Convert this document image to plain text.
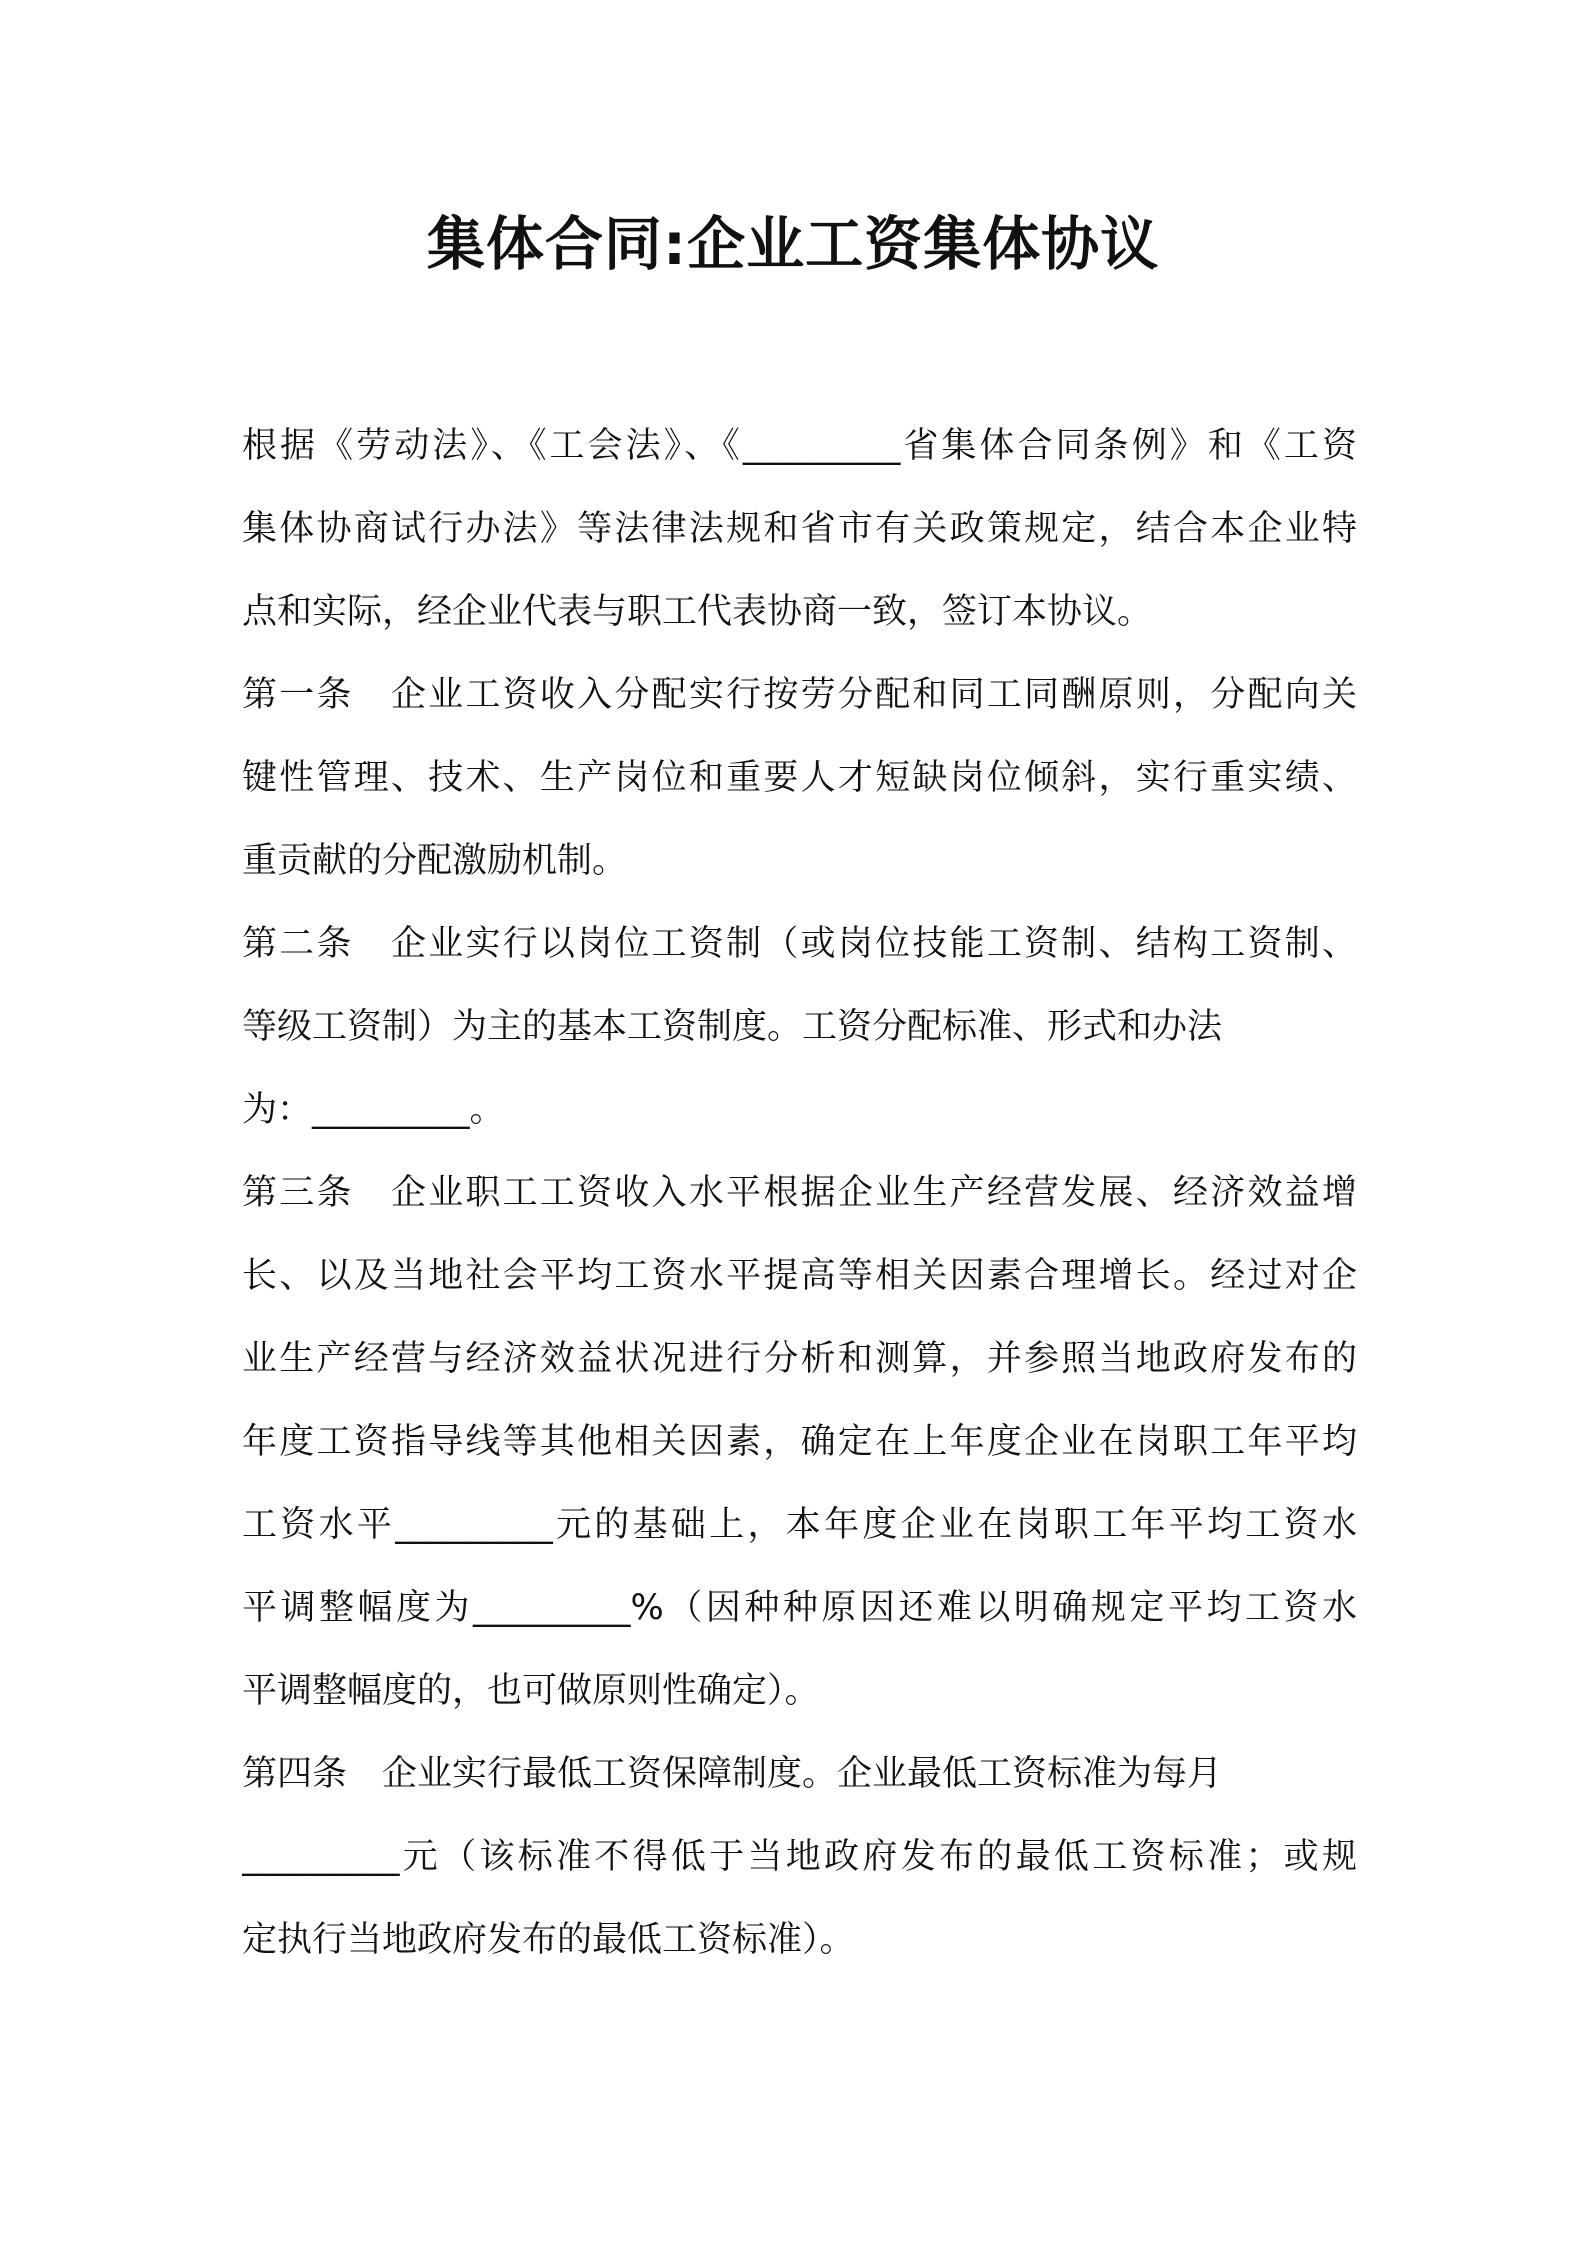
集体合同:企业工资集体协议
根据《劳动法》、《工会法》、《_________省集体合同条例》和《工资
集体协商试行办法》等法律法规和省市有关政策规定，结合本企业特
点和实际，经企业代表与职工代表协商一致，签订本协议。
第一条　企业工资收入分配实行按劳分配和同工同酬原则，分配向关
键性管理、技术、生产岗位和重要人才短缺岗位倾斜，实行重实绩、
重贡献的分配激励机制。
第二条　企业实行以岗位工资制（或岗位技能工资制、结构工资制、
等级工资制）为主的基本工资制度。工资分配标准、形式和办法
为：_________。
第三条　企业职工工资收入水平根据企业生产经营发展、经济效益增
长、以及当地社会平均工资水平提高等相关因素合理增长。经过对企
业生产经营与经济效益状况进行分析和测算，并参照当地政府发布的
年度工资指导线等其他相关因素，确定在上年度企业在岗职工年平均
工资水平_________元的基础上，本年度企业在岗职工年平均工资水
平调整幅度为_________%（因种种原因还难以明确规定平均工资水
平调整幅度的，也可做原则性确定）。
第四条　企业实行最低工资保障制度。企业最低工资标准为每月
_________元（该标准不得低于当地政府发布的最低工资标准；或规
定执行当地政府发布的最低工资标准）。
